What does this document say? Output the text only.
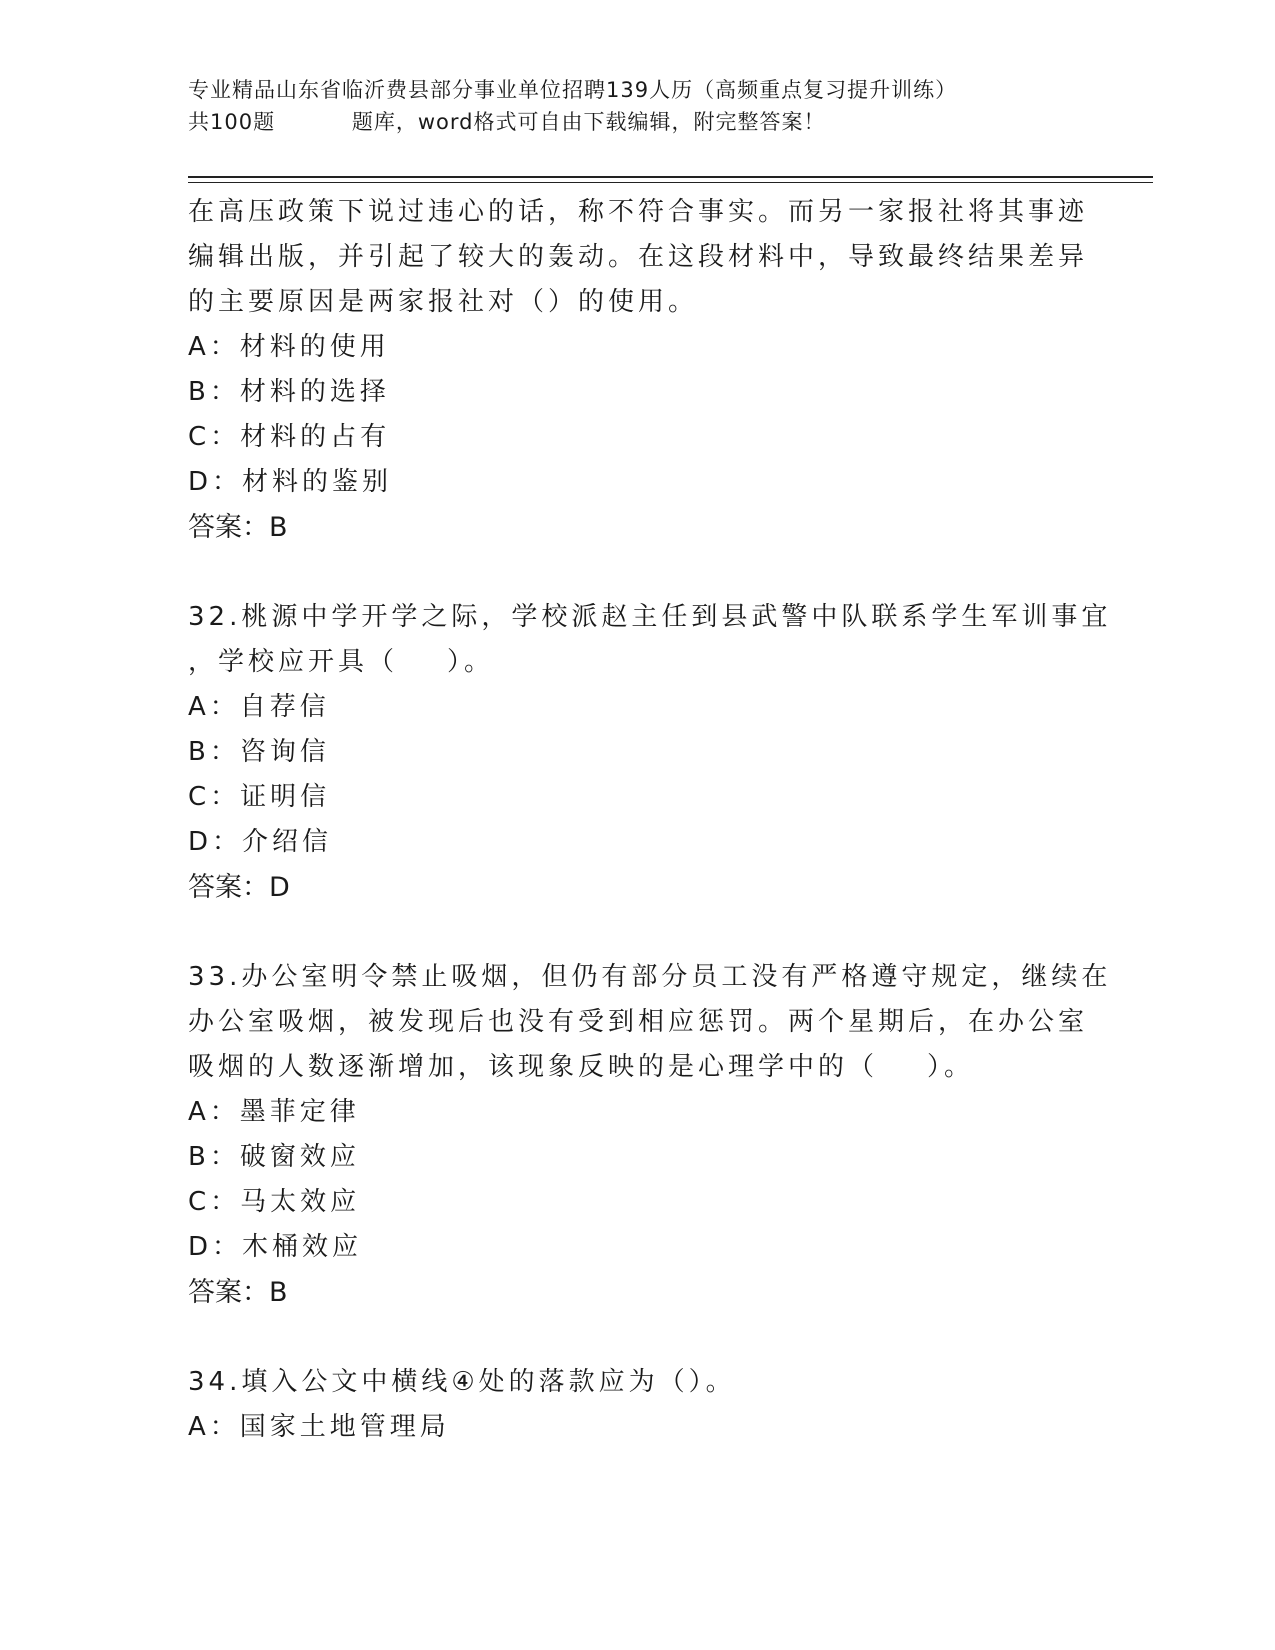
专业精品山东省临沂费县部分事业单位招聘139人历（高频重点复习提升训练）
共100题          题库，word格式可自由下载编辑，附完整答案！
在高压政策下说过违心的话，称不符合事实。而另一家报社将其事迹
编辑出版，并引起了较大的轰动。在这段材料中，导致最终结果差异
的主要原因是两家报社对（）的使用。
A：材料的使用
B：材料的选择
C：材料的占有
D：材料的鉴别
答案：B
32.桃源中学开学之际，学校派赵主任到县武警中队联系学生军训事宜
，学校应开具（    ）。
A：自荐信
B：咨询信
C：证明信
D：介绍信
答案：D
33.办公室明令禁止吸烟，但仍有部分员工没有严格遵守规定，继续在
办公室吸烟，被发现后也没有受到相应惩罚。两个星期后，在办公室
吸烟的人数逐渐增加，该现象反映的是心理学中的（    ）。
A：墨菲定律
B：破窗效应
C：马太效应
D：木桶效应
答案：B
34.填入公文中横线④处的落款应为（）。
A：国家土地管理局
